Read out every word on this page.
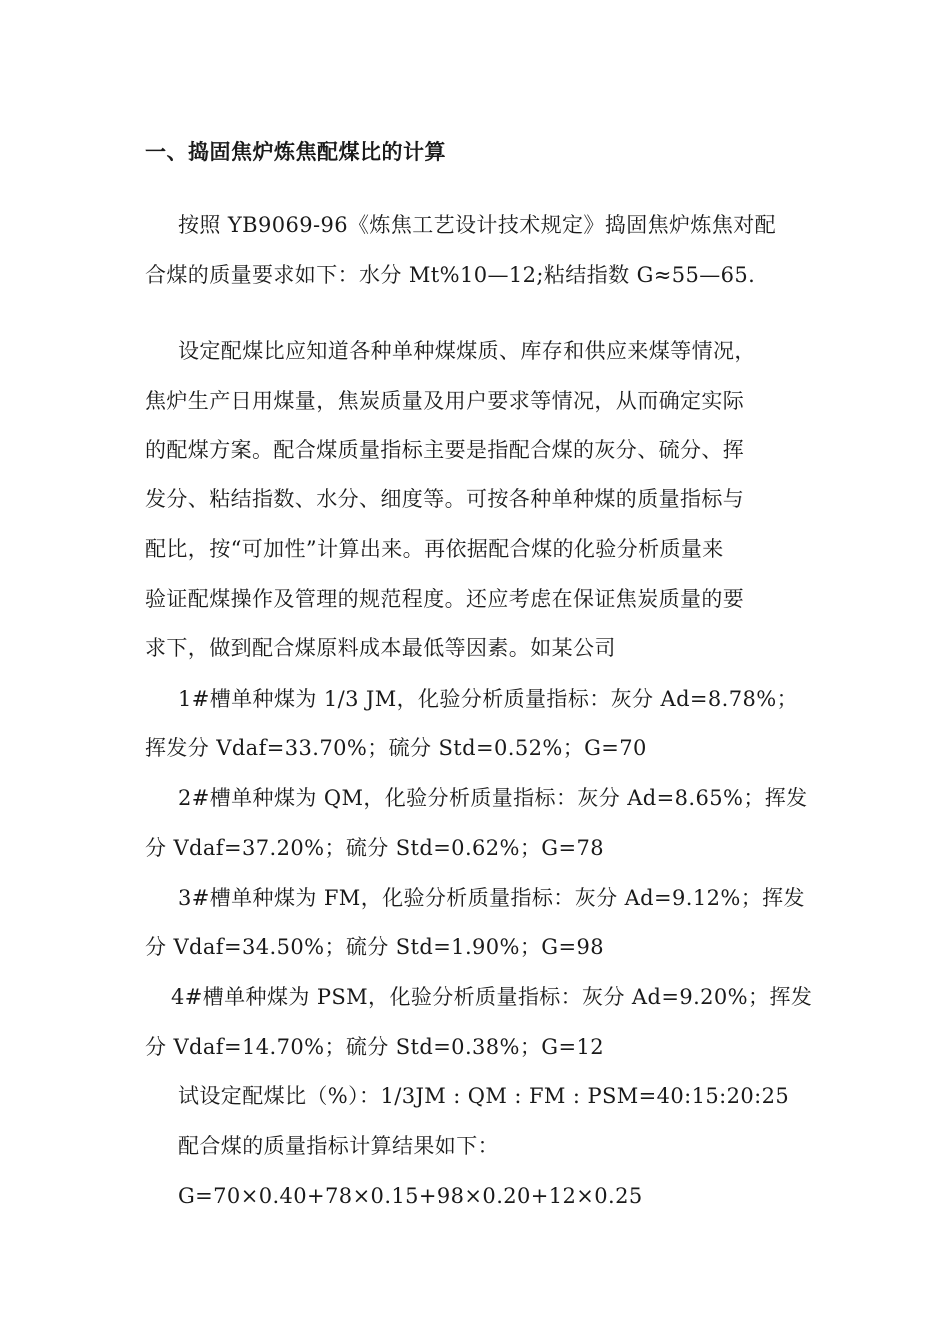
一、捣固焦炉炼焦配煤比的计算
按照 YB9069-96《炼焦工艺设计技术规定》捣固焦炉炼焦对配
合煤的质量要求如下：水分 Mt%10—12;粘结指数 G≈55—65.
设定配煤比应知道各种单种煤煤质、库存和供应来煤等情况，
焦炉生产日用煤量，焦炭质量及用户要求等情况，从而确定实际
的配煤方案。配合煤质量指标主要是指配合煤的灰分、硫分、挥
发分、粘结指数、水分、细度等。可按各种单种煤的质量指标与
配比，按“可加性”计算出来。再依据配合煤的化验分析质量来
验证配煤操作及管理的规范程度。还应考虑在保证焦炭质量的要
求下，做到配合煤原料成本最低等因素。如某公司
1#槽单种煤为 1/3 JM，化验分析质量指标：灰分 Ad=8.78%；
挥发分 Vdaf=33.70%；硫分 Std=0.52%；G=70
2#槽单种煤为 QM，化验分析质量指标：灰分 Ad=8.65%；挥发
分 Vdaf=37.20%；硫分 Std=0.62%；G=78
3#槽单种煤为 FM，化验分析质量指标：灰分 Ad=9.12%；挥发
分 Vdaf=34.50%；硫分 Std=1.90%；G=98
4#槽单种煤为 PSM，化验分析质量指标：灰分 Ad=9.20%；挥发
分 Vdaf=14.70%；硫分 Std=0.38%；G=12
试设定配煤比（%）：1/3JM : QM : FM : PSM=40:15:20:25
配合煤的质量指标计算结果如下：
G=70×0.40+78×0.15+98×0.20+12×0.25
